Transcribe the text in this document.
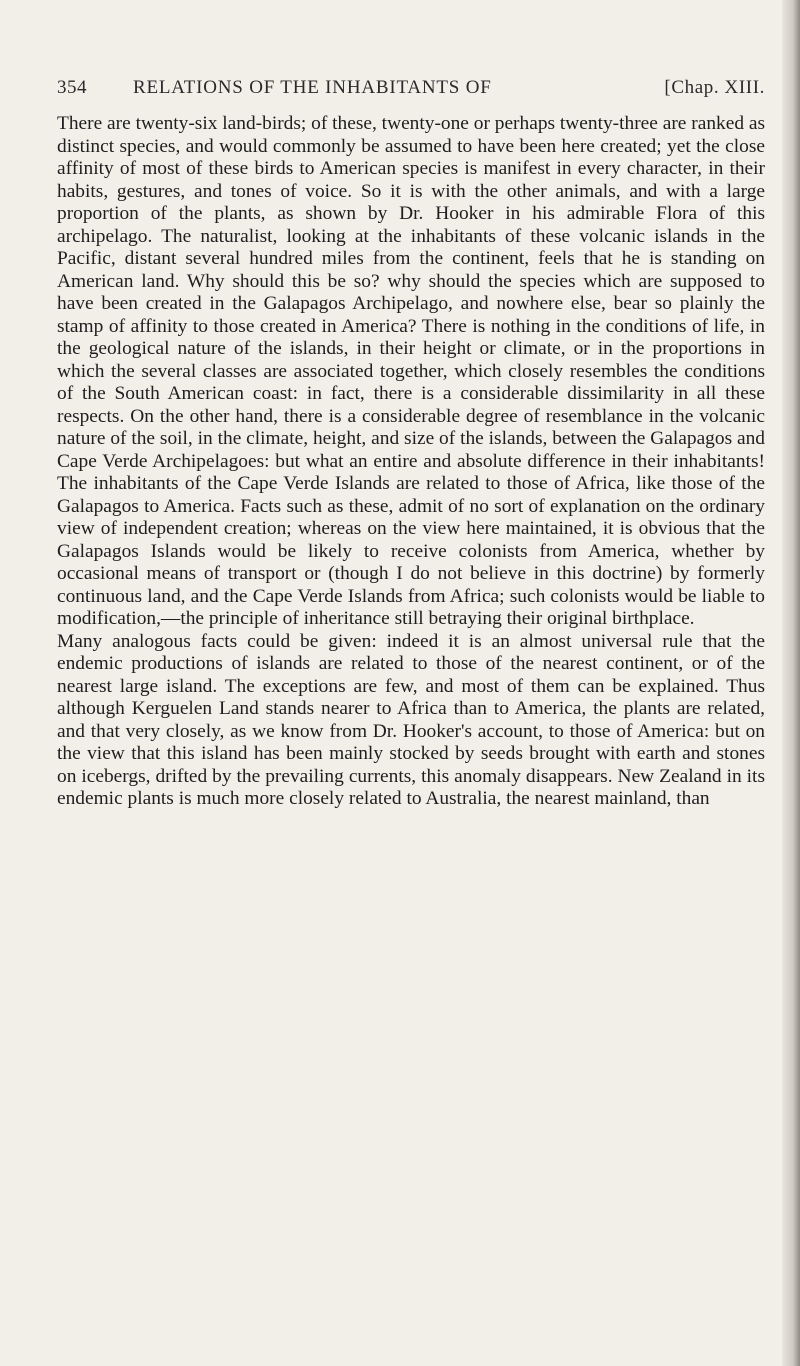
354 RELATIONS OF THE INHABITANTS OF	[Chap. XIII.

There are twenty-six land-birds; of these, twenty-one or perhaps twenty-three are ranked as distinct species, and would commonly be assumed to have been here created; yet the close affinity of most of these birds to American species is manifest in every character, in their habits, gestures, and tones of voice. So it is with the other animals, and with a large proportion of the plants, as shown by Dr. Hooker in his admirable Flora of this archipelago. The naturalist, looking at the inhabitants of these volcanic islands in the Pacific, distant several hundred miles from the continent, feels that he is standing on American land. Why should this be so? why should the species which are supposed to have been created in the Galapagos Archipelago, and nowhere else, bear so plainly the stamp of affinity to those created in America? There is nothing in the conditions of life, in the geological nature of the islands, in their height or climate, or in the proportions in which the several classes are associated together, which closely resembles the conditions of the South American coast: in fact, there is a considerable dissimilarity in all these respects. On the other hand, there is a considerable degree of resemblance in the volcanic nature of the soil, in the climate, height, and size of the islands, between the Galapagos and Cape Verde Archipelagoes: but what an entire and absolute difference in their inhabitants! The inhabitants of the Cape Verde Islands are related to those of Africa, like those of the Galapagos to America. Facts such as these, admit of no sort of explanation on the ordinary view of independent creation; whereas on the view here maintained, it is obvious that the Galapagos Islands would be likely to receive colonists from America, whether by occasional means of transport or (though I do not believe in this doctrine) by formerly continuous land, and the Cape Verde Islands from Africa; such colonists would be liable to modification,—the principle of inheritance still betraying their original birthplace.

Many analogous facts could be given: indeed it is an almost universal rule that the endemic productions of islands are related to those of the nearest continent, or of the nearest large island. The exceptions are few, and most of them can be explained. Thus although Kerguelen Land stands nearer to Africa than to America, the plants are related, and that very closely, as we know from Dr. Hooker's account, to those of America: but on the view that this island has been mainly stocked by seeds brought with earth and stones on icebergs, drifted by the prevailing currents, this anomaly disappears. New Zealand in its endemic plants is much more closely related to Australia, the nearest mainland, than
